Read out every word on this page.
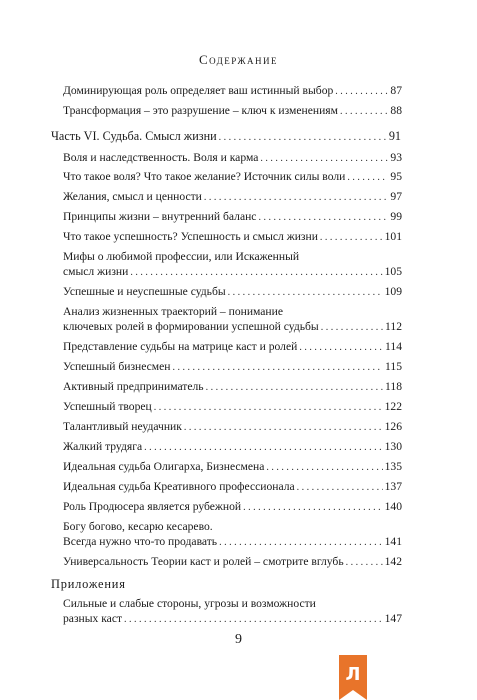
Содержание
Доминирующая роль определяет ваш истинный выбор . . .	87
Трансформация – это разрушение – ключ к изменениям . . .	88
Часть VI. Судьба. Смысл жизни . . .	91
Воля и наследственность. Воля и карма . . .	93
Что такое воля? Что такое желание? Источник силы воли . . .	95
Желания, смысл и ценности . . .	97
Принципы жизни – внутренний баланс . . .	99
Что такое успешность? Успешность и смысл жизни . . .	101
Мифы о любимой профессии, или Искаженный
смысл жизни . . .	105
Успешные и неуспешные судьбы . . .	109
Анализ жизненных траекторий – понимание
ключевых ролей в формировании успешной судьбы . . .	112
Представление судьбы на матрице каст и ролей . . .	114
Успешный бизнесмен . . .	115
Активный предприниматель . . .	118
Успешный творец . . .	122
Талантливый неудачник . . .	126
Жалкий трудяга . . .	130
Идеальная судьба Олигарха, Бизнесмена . . .	135
Идеальная судьба Креативного профессионала . . .	137
Роль Продюсера является рубежной . . .	140
Богу богово, кесарю кесарево.
Всегда нужно что-то продавать . . .	141
Универсальность Теории каст и ролей – смотрите вглубь . . .	142
Приложения
Сильные и слабые стороны, угрозы и возможности
разных каст . . .	147
9
Л
